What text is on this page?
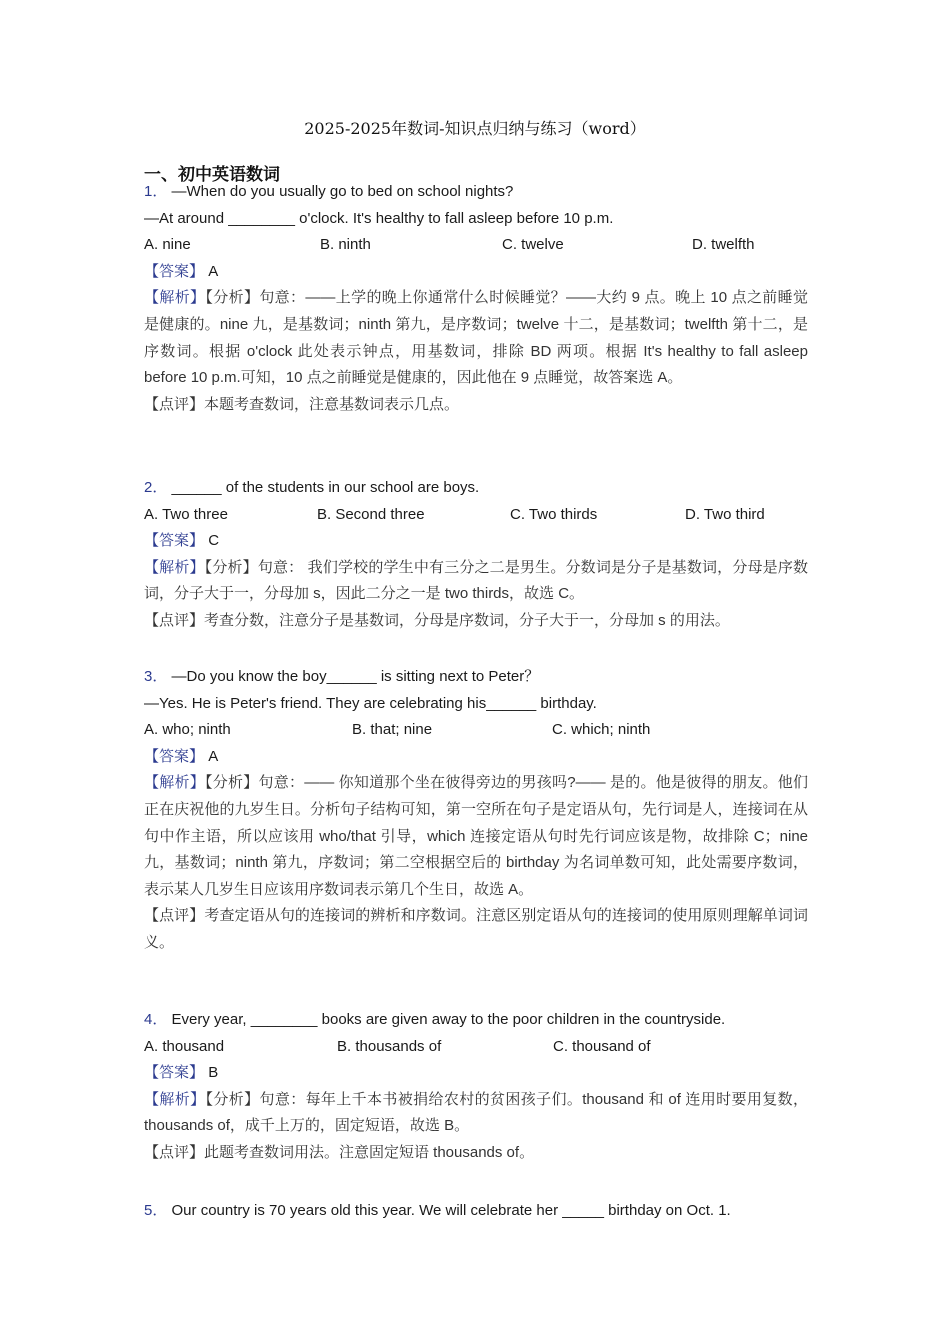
2025-2025年数词-知识点归纳与练习（word）
一、初中英语数词
1． —When do you usually go to bed on school nights?
—At around ________ o'clock. It's healthy to fall asleep before 10 p.m.
A. nine	B. ninth	C. twelve	D. twelfth
【答案】 A
【解析】【分析】句意：——上学的晚上你通常什么时候睡觉？——大约 9 点。晚上 10 点之前睡觉是健康的。nine 九，是基数词；ninth 第九，是序数词；twelve 十二，是基数词；twelfth 第十二，是序数词。根据 o'clock 此处表示钟点，用基数词，排除 BD 两项。根据 It's healthy to fall asleep before 10 p.m.可知，10 点之前睡觉是健康的，因此他在 9 点睡觉，故答案选 A。
【点评】本题考查数词，注意基数词表示几点。
2． ______ of the students in our school are boys.
A. Two three	B. Second three	C. Two thirds	D. Two third
【答案】 C
【解析】【分析】句意： 我们学校的学生中有三分之二是男生。分数词是分子是基数词，分母是序数词，分子大于一，分母加 s，因此二分之一是 two thirds，故选 C。
【点评】考查分数，注意分子是基数词，分母是序数词，分子大于一，分母加 s 的用法。
3． —Do you know the boy______ is sitting next to Peter？
—Yes. He is Peter's friend. They are celebrating his______ birthday.
A. who; ninth	B. that; nine	C. which; ninth
【答案】 A
【解析】【分析】句意：—— 你知道那个坐在彼得旁边的男孩吗?—— 是的。他是彼得的朋友。他们正在庆祝他的九岁生日。分析句子结构可知，第一空所在句子是定语从句，先行词是人，连接词在从句中作主语，所以应该用 who/that 引导，which 连接定语从句时先行词应该是物，故排除 C；nine 九，基数词；ninth 第九，序数词；第二空根据空后的 birthday 为名词单数可知，此处需要序数词，表示某人几岁生日应该用序数词表示第几个生日，故选 A。
【点评】考查定语从句的连接词的辨析和序数词。注意区别定语从句的连接词的使用原则理解单词词义。
4． Every year, ________ books are given away to the poor children in the countryside.
A. thousand	B. thousands of	C. thousand of
【答案】 B
【解析】【分析】句意：每年上千本书被捐给农村的贫困孩子们。thousand 和 of 连用时要用复数，thousands of，成千上万的，固定短语，故选 B。
【点评】此题考查数词用法。注意固定短语 thousands of。
5． Our country is 70 years old this year. We will celebrate her _____ birthday on Oct. 1.
